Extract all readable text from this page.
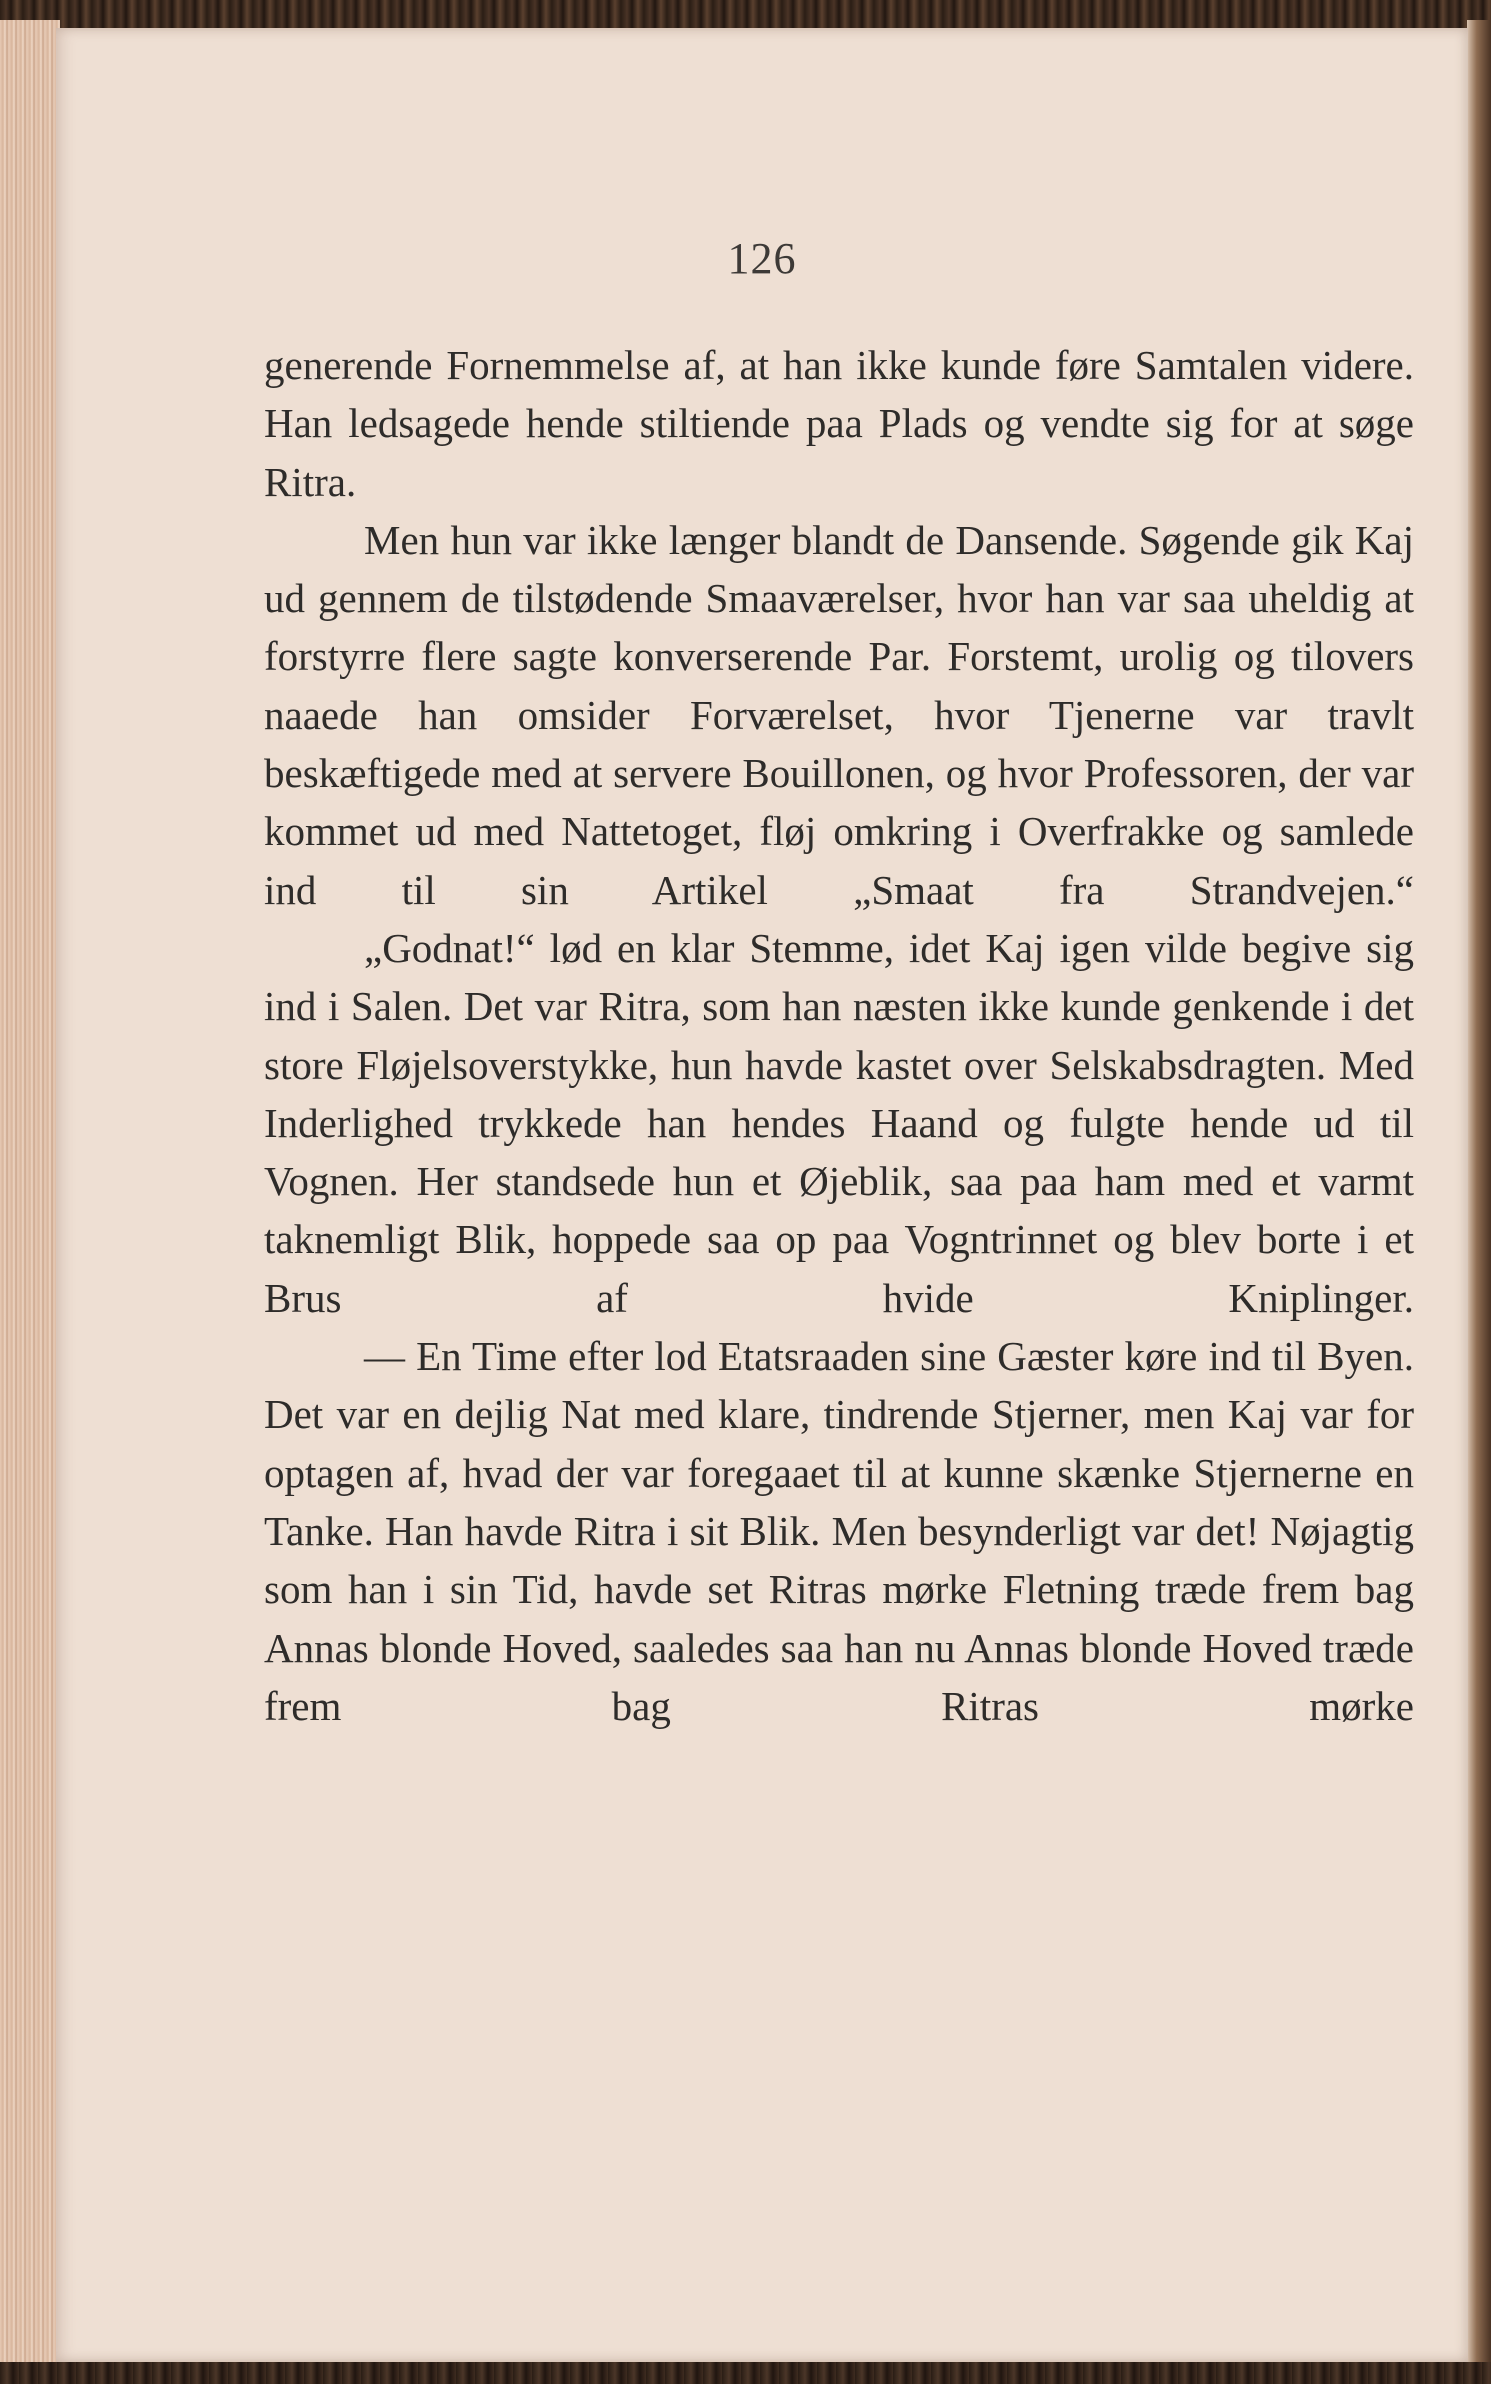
126

generende Fornemmelse af, at han ikke kunde føre Samtalen videre. Han ledsagede hende stiltiende paa Plads og vendte sig for at søge Ritra.

Men hun var ikke længer blandt de Dansende. Søgende gik Kaj ud gennem de tilstødende Smaaværelser, hvor han var saa uheldig at forstyrre flere sagte konverserende Par. Forstemt, urolig og tilovers naaede han omsider Forværelset, hvor Tjenerne var travlt beskæftigede med at servere Bouillonen, og hvor Professoren, der var kommet ud med Nattetoget, fløj omkring i Overfrakke og samlede ind til sin Artikel „Smaat fra Strandvejen.“

„Godnat!“ lød en klar Stemme, idet Kaj igen vilde begive sig ind i Salen. Det var Ritra, som han næsten ikke kunde genkende i det store Fløjelsoverstykke, hun havde kastet over Selskabsdragten. Med Inderlighed trykkede han hendes Haand og fulgte hende ud til Vognen. Her standsede hun et Øjeblik, saa paa ham med et varmt taknemligt Blik, hoppede saa op paa Vogntrinnet og blev borte i et Brus af hvide Kniplinger.

— En Time efter lod Etatsraaden sine Gæster køre ind til Byen. Det var en dejlig Nat med klare, tindrende Stjerner, men Kaj var for optagen af, hvad der var foregaaet til at kunne skænke Stjernerne en Tanke. Han havde Ritra i sit Blik. Men besynderligt var det! Nøjagtig som han i sin Tid, havde set Ritras mørke Fletning træde frem bag Annas blonde Hoved, saaledes saa han nu Annas blonde Hoved træde frem bag Ritras mørke
